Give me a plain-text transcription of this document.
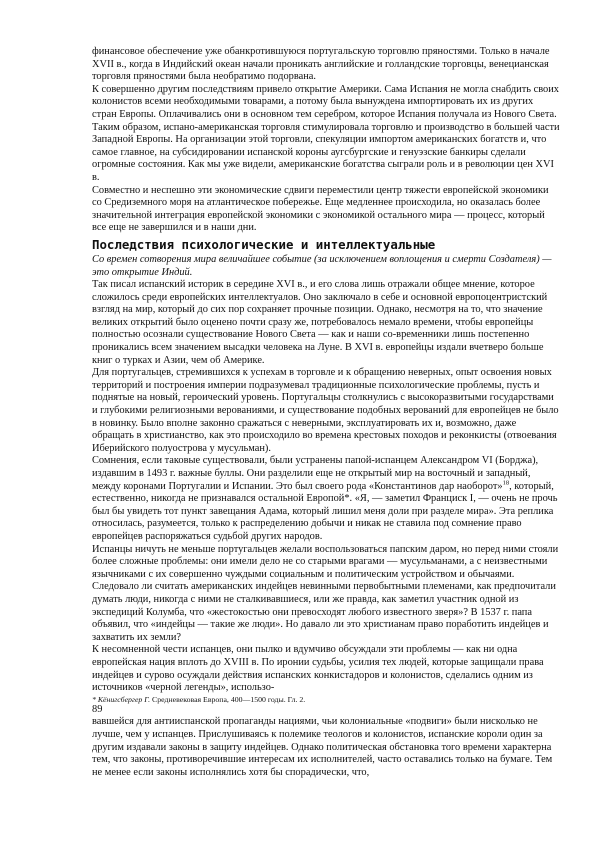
финансовое обеспечение уже обанкротившуюся португальскую торговлю пряностями. Только в начале XVII в., когда в Индийский океан начали проникать английские и голландские торговцы, венецианская торговля пряностями была необратимо подорвана.

К совершенно другим последствиям привело открытие Америки. Сама Испания не могла снабдить своих колонистов всеми необходимыми товарами, а потому была вынуждена импортировать их из других стран Европы. Оплачивались они в основном тем серебром, которое Испания получала из Нового Света. Таким образом, испано-американская торговля стимулировала торговлю и производство в большей части Западной Европы. На организации этой торговли, спекуляции импортом американских богатств и, что самое главное, на субсидировании испанской короны аугсбургские и генуэзские банкиры сделали огромные состояния. Как мы уже видели, американские богатства сыграли роль и в революции цен XVI в.

Совместно и неспешно эти экономические сдвиги переместили центр тяжести европейской экономики со Средиземного моря на атлантическое побережье. Еще медленнее происходила, но оказалась более значительной интеграция европейской экономики с экономикой остального мира — процесс, который все еще не завершился и в наши дни.

Последствия психологические и интеллектуальные

Со времен сотворения мира величайшее событие (за исключением воплощения и смерти Создателя) — это открытие Индий.

Так писал испанский историк в середине XVI в., и его слова лишь отражали общее мнение, которое сложилось среди европейских интеллектуалов. Оно заключало в себе и основной европоцентристский взгляд на мир, который до сих пор сохраняет прочные позиции. Однако, несмотря на то, что значение великих открытий было оценено почти сразу же, потребовалось немало времени, чтобы европейцы полностью осознали существование Нового Света — как и наши со-временники лишь постепенно проникались всем значением высадки человека на Луне. В XVI в. европейцы издали вчетверо больше книг о турках и Азии, чем об Америке.

Для португальцев, стремившихся к успехам в торговле и к обращению неверных, опыт освоения новых территорий и построения империи подразумевал традиционные психологические проблемы, пусть и поднятые на новый, героический уровень. Португальцы столкнулись с высокоразвитыми государствами и глубокими религиозными верованиями, и существование подобных верований для европейцев не было в новинку. Было вполне законно сражаться с неверными, эксплуатировать их и, возможно, даже обращать в христианство, как это происходило во времена крестовых походов и реконкисты (отвоевания Иберийского полуострова у мусульман).

Сомнения, если таковые существовали, были устранены папой-испанцем Александром VI (Борджа), издавшим в 1493 г. важные буллы. Они разделили еще не открытый мир на восточный и западный, между коронами Португалии и Испании. Это был своего рода «Константинов дар наоборот»$^{18}$, который, естественно, никогда не признавался остальной Европой*. «Я, — заметил Франциск I, — очень не прочь был бы увидеть тот пункт завещания Адама, который лишил меня доли при разделе мира». Эта реплика относилась, разумеется, только к распределению добычи и никак не ставила под сомнение право европейцев распоряжаться судьбой других народов.

Испанцы ничуть не меньше португальцев желали воспользоваться папским даром, но перед ними стояли более сложные проблемы: они имели дело не со старыми врагами — мусульманами, а с неизвестными язычниками с их совершенно чуждыми социальным и политическим устройством и обычаями. Следовало ли считать американских индейцев невинными первобытными племенами, как предпочитали думать люди, никогда с ними не сталкивавшиеся, или же правда, как заметил участник одной из экспедиций Колумба, что «жестокостью они превосходят любого известного зверя»? В 1537 г. папа объявил, что «индейцы — такие же люди». Но давало ли это христианам право поработить индейцев и захватить их земли?

К несомненной чести испанцев, они пылко и вдумчиво обсуждали эти проблемы — как ни одна европейская нация вплоть до XVIII в. По иронии судьбы, усилия тех людей, которые защищали права индейцев и сурово осуждали действия испанских конкистадоров и колонистов, сделались одним из источников «черной легенды», использо-

* Кёнигсбергер Г. Средневековая Европа, 400—1500 годы. Гл. 2.

89

вавшейся для антииспанской пропаганды нациями, чьи колониальные «подвиги» были нисколько не лучше, чем у испанцев. Прислушиваясь к полемике теологов и колонистов, испанские короли один за другим издавали законы в защиту индейцев. Однако политическая обстановка того времени характерна тем, что законы, противоречившие интересам их исполнителей, часто оставались только на бумаге. Тем не менее если законы исполнялись хотя бы спорадически, что,
